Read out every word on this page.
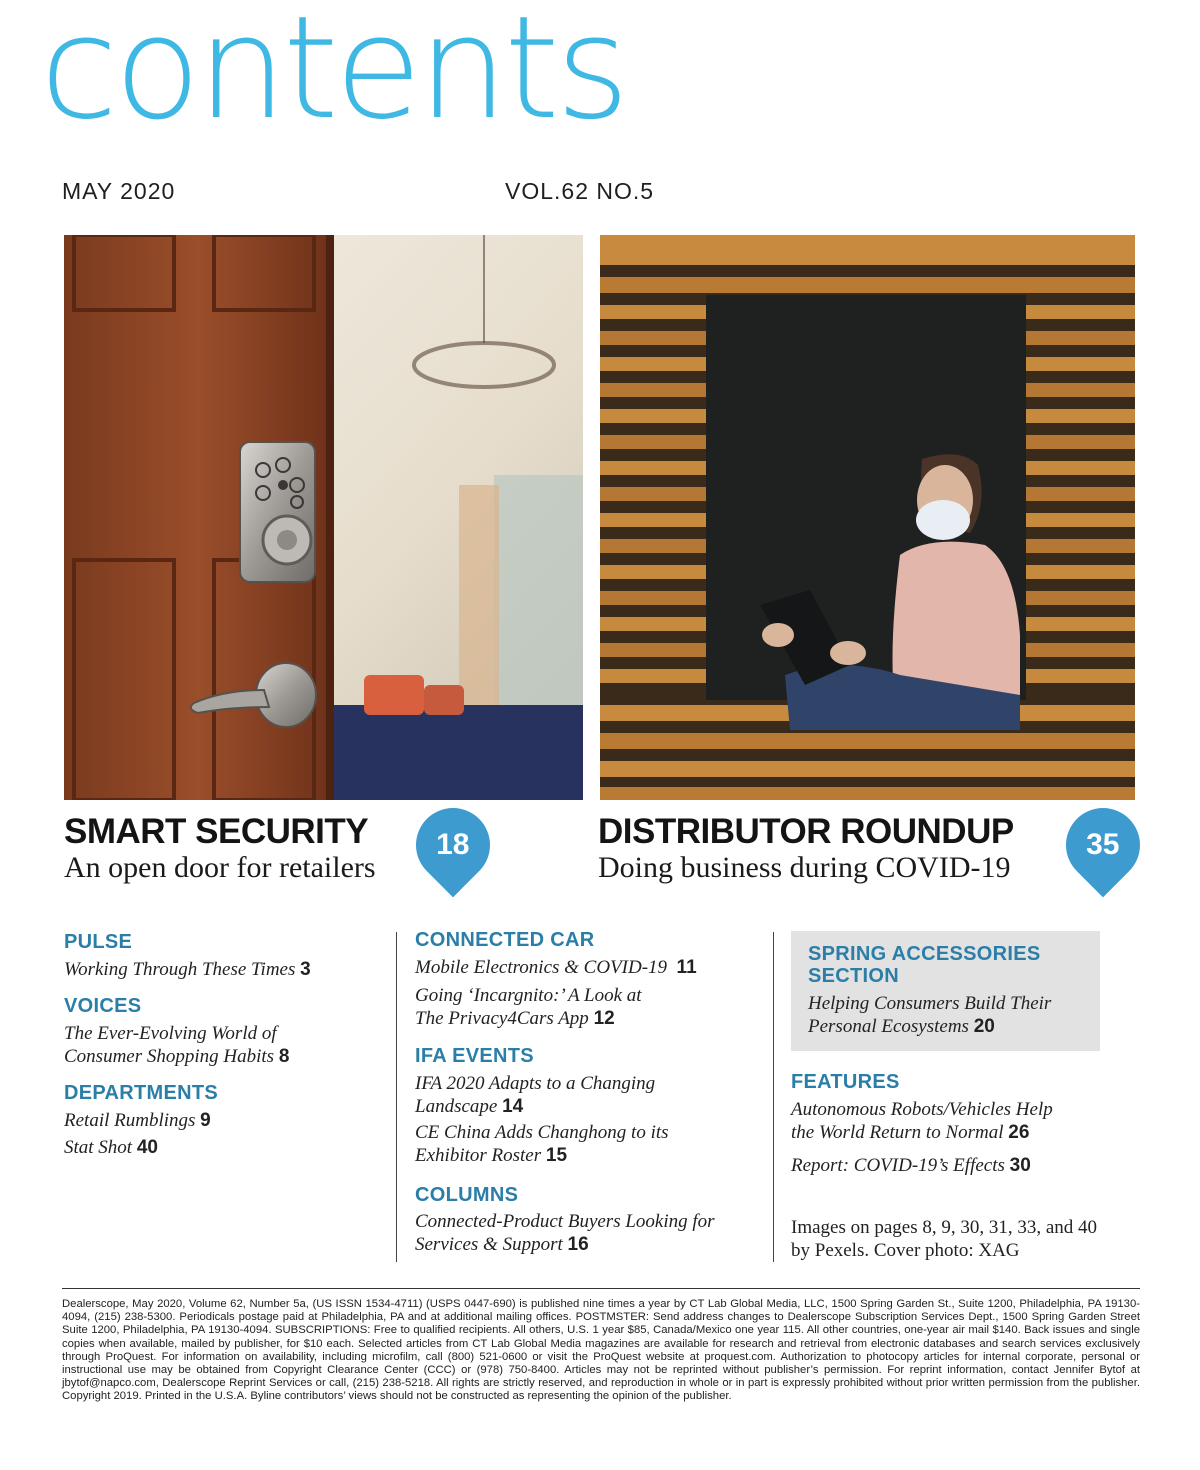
contents
MAY 2020	VOL.62 NO.5
SMART SECURITY
An open door for retailers
18	DISTRIBUTOR ROUNDUP
Doing business during COVID-19
35
PULSE
Working Through These Times 3
VOICES
The Ever-Evolving World of
Consumer Shopping Habits 8
DEPARTMENTS
Retail Rumblings 9
Stat Shot 40
CONNECTED CAR
Mobile Electronics & COVID-19 11
Going ‘Incargnito:’ A Look at
The Privacy4Cars App 12
IFA EVENTS
IFA 2020 Adapts to a Changing
Landscape 14
CE China Adds Changhong to its
Exhibitor Roster 15
COLUMNS
Connected-Product Buyers Looking for
Services & Support 16
SPRING ACCESSORIES
SECTION
Helping Consumers Build Their
Personal Ecosystems 20
FEATURES
Autonomous Robots/Vehicles Help
the World Return to Normal 26
Report: COVID-19’s Effects 30
Images on pages 8, 9, 30, 31, 33, and 40
by Pexels. Cover photo: XAG
Dealerscope, May 2020, Volume 62, Number 5a, (US ISSN 1534-4711) (USPS 0447-690) is published nine times a year by CT Lab Global Media, LLC, 1500 Spring Garden St., Suite 1200, Philadelphia, PA 19130-4094, (215) 238-5300. Periodicals postage paid at Philadelphia, PA and at additional mailing offices. POSTMSTER: Send address changes to Dealerscope Subscription Services Dept., 1500 Spring Garden Street Suite 1200, Philadelphia, PA 19130-4094. SUBSCRIPTIONS: Free to qualified recipients. All others, U.S. 1 year $85, Canada/Mexico one year 115. All other countries, one-year air mail $140. Back issues and single copies when available, mailed by publisher, for $10 each. Selected articles from CT Lab Global Media magazines are available for research and retrieval from electronic databases and search services exclusively through ProQuest. For information on availability, including microfilm, call (800) 521-0600 or visit the ProQuest website at proquest.com. Authorization to photocopy articles for internal corporate, personal or instructional use may be obtained from Copyright Clearance Center (CCC) or (978) 750-8400. Articles may not be reprinted without publisher’s permission. For reprint information, contact Jennifer Bytof at jbytof@napco.com, Dealerscope Reprint Services or call, (215) 238-5218. All rights are strictly reserved, and reproduction in whole or in part is expressly prohibited without prior written permission from the publisher. Copyright 2019. Printed in the U.S.A. Byline contributors’ views should not be constructed as representing the opinion of the publisher.
